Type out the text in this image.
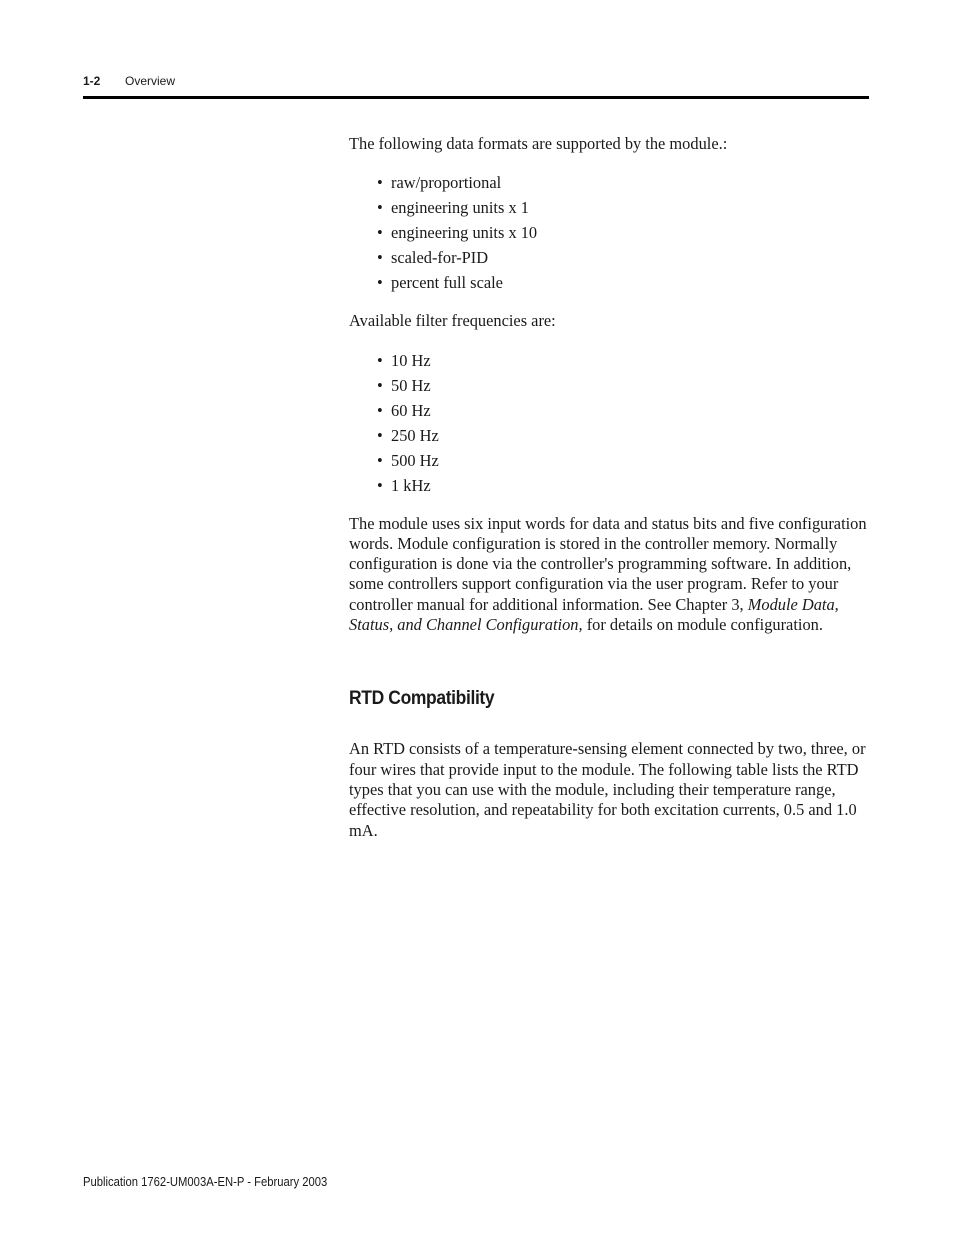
1-2 Overview

The following data formats are supported by the module.:

• raw/proportional
• engineering units x 1
• engineering units x 10
• scaled-for-PID
• percent full scale

Available filter frequencies are:

• 10 Hz
• 50 Hz
• 60 Hz
• 250 Hz
• 500 Hz
• 1 kHz

The module uses six input words for data and status bits and five configuration words. Module configuration is stored in the controller memory. Normally configuration is done via the controller's programming software. In addition, some controllers support configuration via the user program. Refer to your controller manual for additional information. See Chapter 3, Module Data, Status, and Channel Configuration, for details on module configuration.

RTD Compatibility

An RTD consists of a temperature-sensing element connected by two, three, or four wires that provide input to the module. The following table lists the RTD types that you can use with the module, including their temperature range, effective resolution, and repeatability for both excitation currents, 0.5 and 1.0 mA.

Publication 1762-UM003A-EN-P - February 2003
